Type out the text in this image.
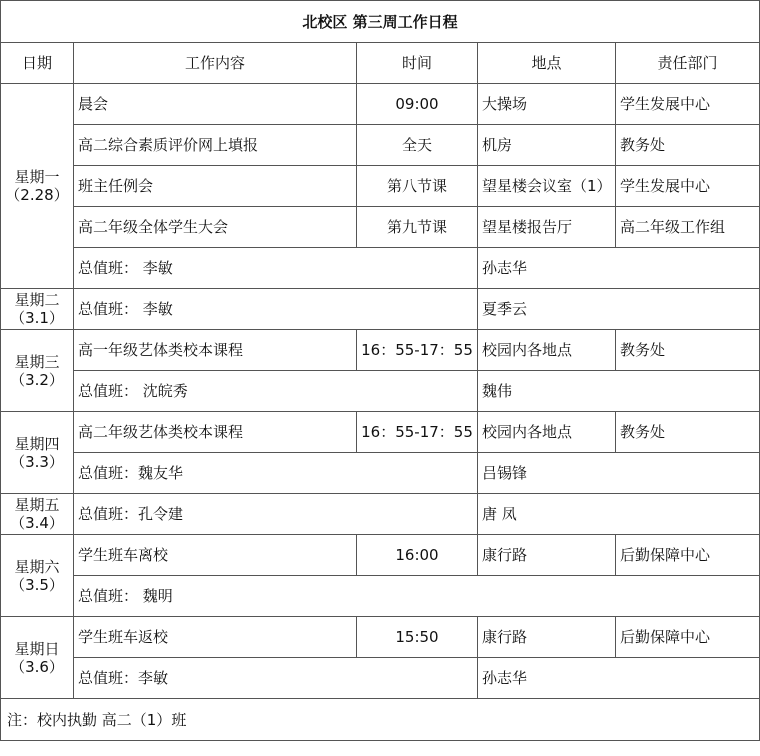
北校区 第三周工作日程				
日期	工作内容	时间	地点	责任部门
星期一
（2.28）	晨会	09:00	大操场	学生发展中心
	高二综合素质评价网上填报	全天	机房	教务处
	班主任例会	第八节课	望星楼会议室（1）	学生发展中心
	高二年级全体学生大会	第九节课	望星楼报告厅	高二年级工作组
	总值班： 李敏		孙志华	
星期二
（3.1）	总值班： 李敏		夏季云	
星期三
（3.2）	高一年级艺体类校本课程	16：55-17：55	校园内各地点	教务处
	总值班： 沈皖秀		魏伟	
星期四
（3.3）	高二年级艺体类校本课程	16：55-17：55	校园内各地点	教务处
	总值班：魏友华		吕锡锋	
星期五
（3.4）	总值班：孔令建		唐 凤	
星期六
（3.5）	学生班车离校	16:00	康行路	后勤保障中心
	总值班： 魏明			
星期日
（3.6）	学生班车返校	15:50	康行路	后勤保障中心
	总值班：李敏		孙志华	
注：校内执勤 高二（1）班				
